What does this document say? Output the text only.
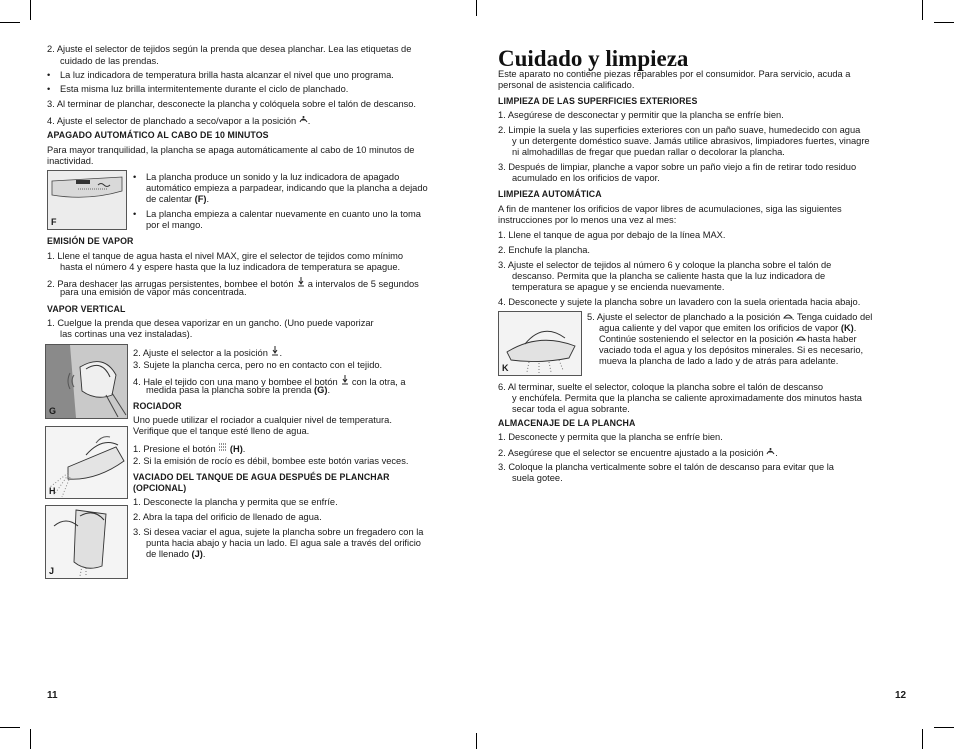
2. Ajuste el selector de tejidos según la prenda que desea planchar. Lea las etiquetas de
cuidado de las prendas.
• La luz indicadora de temperatura brilla hasta alcanzar el nivel que uno programa.
• Esta misma luz brilla intermitentemente durante el ciclo de planchado.
3. Al terminar de planchar, desconecte la plancha y colóquela sobre el talón de descanso.
4. Ajuste el selector de planchado a seco/vapor a la posición .
APAGADO AUTOMÁTICO AL CABO DE 10 MINUTOS
Para mayor tranquilidad, la plancha se apaga automáticamente al cabo de 10 minutos de
inactividad.
F
• La plancha produce un sonido y la luz indicadora de apagado
automático empieza a parpadear, indicando que la plancha a dejado
de calentar (F).
• La plancha empieza a calentar nuevamente en cuanto uno la toma
por el mango.
EMISIÓN DE VAPOR
1. Llene el tanque de agua hasta el nivel MAX, gire el selector de tejidos como mínimo
hasta el número 4 y espere hasta que la luz indicadora de temperatura se apague.
2. Para deshacer las arrugas persistentes, bombee el botón a intervalos de 5 segundos
para una emisión de vapor más concentrada.
VAPOR VERTICAL
1. Cuelgue la prenda que desea vaporizar en un gancho. (Uno puede vaporizar
las cortinas una vez instaladas).
G
2. Ajuste el selector a la posición .
3. Sujete la plancha cerca, pero no en contacto con el tejido.
4. Hale el tejido con una mano y bombee el botón con la otra, a
medida pasa la plancha sobre la prenda (G).
ROCIADOR
Uno puede utilizar el rociador a cualquier nivel de temperatura.
Verifique que el tanque esté lleno de agua.
H
1. Presione el botón (H).
2. Si la emisión de rocío es débil, bombee este botón varias veces.
VACIADO DEL TANQUE DE AGUA DESPUÉS DE PLANCHAR
(OPCIONAL)
1. Desconecte la plancha y permita que se enfríe.
2. Abra la tapa del orificio de llenado de agua.
3. Si desea vaciar el agua, sujete la plancha sobre un fregadero con la
punta hacia abajo y hacia un lado. El agua sale a través del orificio
de llenado (J).
J
11
Cuidado y limpieza
Este aparato no contiene piezas reparables por el consumidor. Para servicio, acuda a
personal de asistencia calificado.
LIMPIEZA DE LAS SUPERFICIES EXTERIORES
1. Asegúrese de desconectar y permitir que la plancha se enfríe bien.
2. Limpie la suela y las superficies exteriores con un paño suave, humedecido con agua
y un detergente doméstico suave. Jamás utilice abrasivos, limpiadores fuertes, vinagre
ni almohadillas de fregar que puedan rallar o decolorar la plancha.
3. Después de limpiar, planche a vapor sobre un paño viejo a fin de retirar todo residuo
acumulado en los orificios de vapor.
LIMPIEZA AUTOMÁTICA
A fin de mantener los orificios de vapor libres de acumulaciones, siga las siguientes
instrucciones por lo menos una vez al mes:
1. Llene el tanque de agua por debajo de la línea MAX.
2. Enchufe la plancha.
3. Ajuste el selector de tejidos al número 6 y coloque la plancha sobre el talón de
descanso. Permita que la plancha se caliente hasta que la luz indicadora de
temperatura se apague y se encienda nuevamente.
4. Desconecte y sujete la plancha sobre un lavadero con la suela orientada hacia abajo.
K
5. Ajuste el selector de planchado a la posición . Tenga cuidado del
agua caliente y del vapor que emiten los orificios de vapor (K).
Continúe sosteniendo el selector en la posición hasta haber
vaciado toda el agua y los depósitos minerales. Si es necesario,
mueva la plancha de lado a lado y de atrás para adelante.
6. Al terminar, suelte el selector, coloque la plancha sobre el talón de descanso
y enchúfela. Permita que la plancha se caliente aproximadamente dos minutos hasta
secar toda el agua sobrante.
ALMACENAJE DE LA PLANCHA
1. Desconecte y permita que la plancha se enfríe bien.
2. Asegúrese que el selector se encuentre ajustado a la posición .
3. Coloque la plancha verticalmente sobre el talón de descanso para evitar que la
suela gotee.
12
